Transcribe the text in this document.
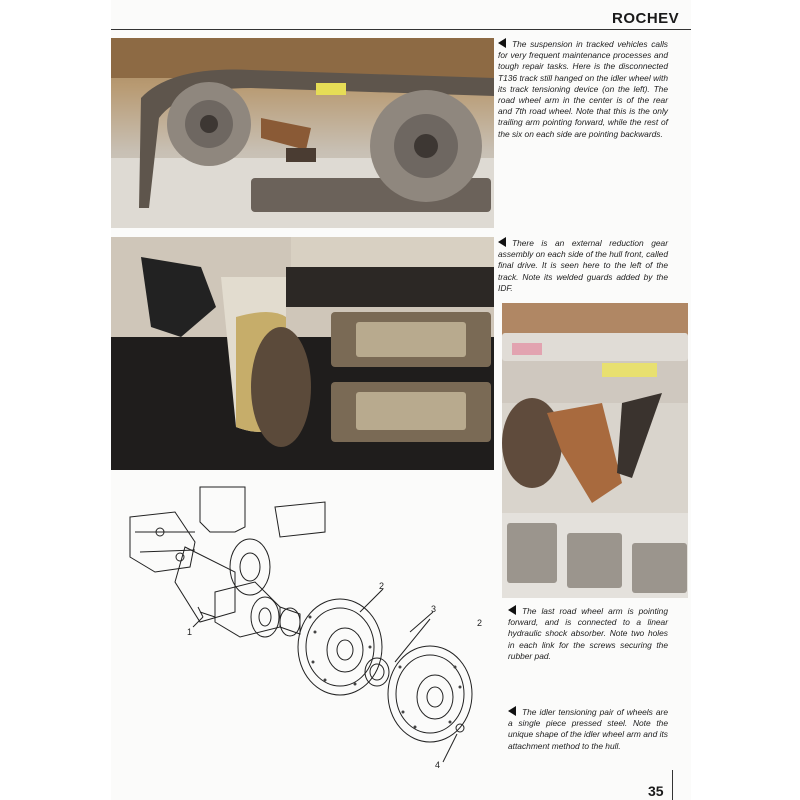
ROCHEV
The suspension in tracked vehicles calls for very frequent maintenance processes and tough repair tasks. Here is the disconnected T136 track still hanged on the idler wheel with its track tensioning device (on the left). The road wheel arm in the center is of the rear and 7th road wheel. Note that this is the only trailing arm pointing forward, while the rest of the six on each side are pointing backwards.
There is an external reduction gear assembly on each side of the hull front, called final drive. It is seen here to the left of the track. Note its welded guards added by the IDF.
The last road wheel arm is pointing forward, and is connected to a linear hydraulic shock absorber. Note two holes in each link for the screws securing the rubber pad.
1
2
3
2
4
The idler tensioning pair of wheels are a single piece pressed steel. Note the unique shape of the idler wheel arm and its attachment method to the hull.
35
